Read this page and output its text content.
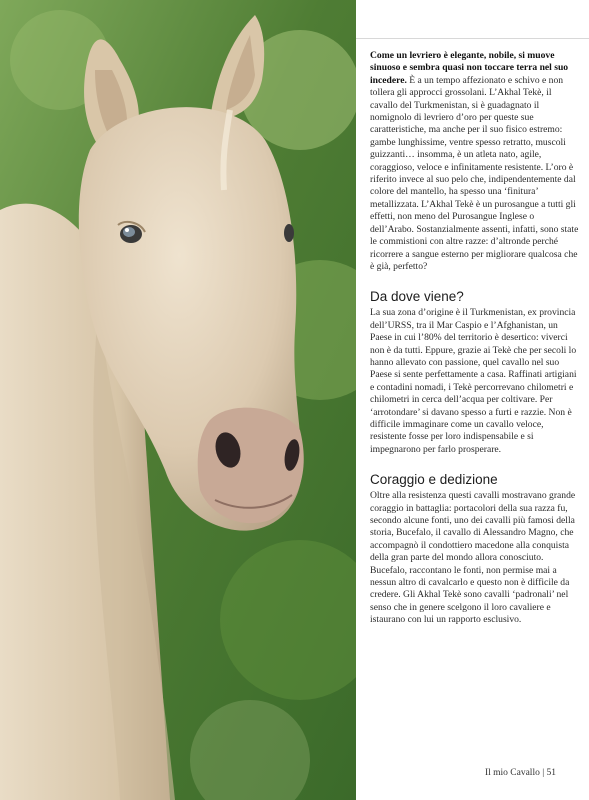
Come un levriero è elegante, nobile, si muove sinuoso e sembra quasi non toccare terra nel suo incedere. È a un tempo affezionato e schivo e non tollera gli approcci grossolani. L’Akhal Tekè, il cavallo del Turkmenistan, si è guadagnato il nomignolo di levriero d’oro per queste sue caratteristiche, ma anche per il suo fisico estremo: gambe lunghissime, ventre spesso retratto, muscoli guizzanti… insomma, è un atleta nato, agile, coraggioso, veloce e infinitamente resistente. L’oro è riferito invece al suo pelo che, indipendentemente dal colore del mantello, ha spesso una ‘finitura’ metallizzata. L’Akhal Tekè è un purosangue a tutti gli effetti, non meno del Purosangue Inglese o dell’Arabo. Sostanzialmente assenti, infatti, sono state le commistioni con altre razze: d’altronde perché ricorrere a sangue esterno per migliorare qualcosa che è già, perfetto?

Da dove viene?

La sua zona d’origine è il Turkmenistan, ex provincia dell’URSS, tra il Mar Caspio e l’Afghanistan, un Paese in cui l’80% del territorio è desertico: viverci non è da tutti. Eppure, grazie ai Tekè che per secoli lo hanno allevato con passione, quel cavallo nel suo Paese si sente perfettamente a casa. Raffinati artigiani e contadini nomadi, i Tekè percorrevano chilometri e chilometri in cerca dell’acqua per coltivare. Per ‘arrotondare’ si davano spesso a furti e razzie. Non è difficile immaginare come un cavallo veloce, resistente fosse per loro indispensabile e si impegnarono per farlo prosperare.

Coraggio e dedizione

Oltre alla resistenza questi cavalli mostravano grande coraggio in battaglia: portacolori della sua razza fu, secondo alcune fonti, uno dei cavalli più famosi della storia, Bucefalo, il cavallo di Alessandro Magno, che accompagnò il condottiero macedone alla conquista della gran parte del mondo allora conosciuto. Bucefalo, raccontano le fonti, non permise mai a nessun altro di cavalcarlo e questo non è difficile da credere. Gli Akhal Tekè sono cavalli ‘padronali’ nel senso che in genere scelgono il loro cavaliere e istaurano con lui un rapporto esclusivo.

Il mio Cavallo | 51
